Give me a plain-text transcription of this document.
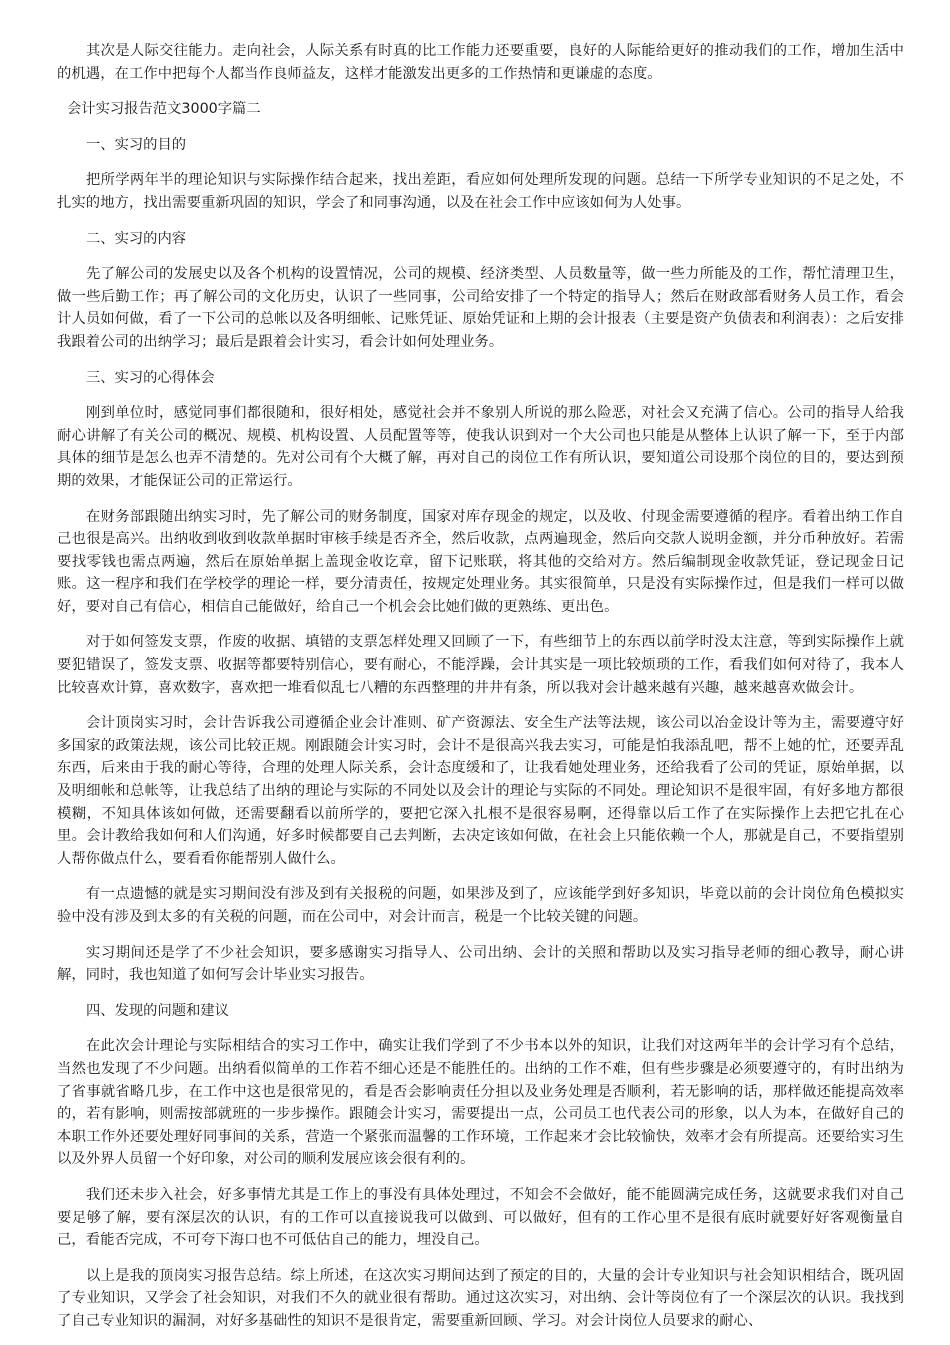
其次是人际交往能力。走向社会，人际关系有时真的比工作能力还要重要，良好的人际能给更好的推动我们的工作，增加生活中的机遇，在工作中把每个人都当作良师益友，这样才能激发出更多的工作热情和更谦虚的态度。

会计实习报告范文3000字篇二

一、实习的目的

把所学两年半的理论知识与实际操作结合起来，找出差距，看应如何处理所发现的问题。总结一下所学专业知识的不足之处，不扎实的地方，找出需要重新巩固的知识，学会了和同事沟通，以及在社会工作中应该如何为人处事。

二、实习的内容

先了解公司的发展史以及各个机构的设置情况，公司的规模、经济类型、人员数量等，做一些力所能及的工作，帮忙清理卫生，做一些后勤工作；再了解公司的文化历史，认识了一些同事，公司给安排了一个特定的指导人；然后在财政部看财务人员工作，看会计人员如何做，看了一下公司的总帐以及各明细帐、记账凭证、原始凭证和上期的会计报表（主要是资产负债表和利润表）：之后安排我跟着公司的出纳学习；最后是跟着会计实习，看会计如何处理业务。

三、实习的心得体会

刚到单位时，感觉同事们都很随和，很好相处，感觉社会并不象别人所说的那么险恶，对社会又充满了信心。公司的指导人给我耐心讲解了有关公司的概况、规模、机构设置、人员配置等等，使我认识到对一个大公司也只能是从整体上认识了解一下，至于内部具体的细节是怎么也弄不清楚的。先对公司有个大概了解，再对自己的岗位工作有所认识，要知道公司设那个岗位的目的，要达到预期的效果，才能保证公司的正常运行。

在财务部跟随出纳实习时，先了解公司的财务制度，国家对库存现金的规定，以及收、付现金需要遵循的程序。看着出纳工作自己也很是高兴。出纳收到收到收款单据时审核手续是否齐全，然后收款，点两遍现金，然后向交款人说明金额，并分币种放好。若需要找零钱也需点两遍，然后在原始单据上盖现金收讫章，留下记账联，将其他的交给对方。然后编制现金收款凭证，登记现金日记账。这一程序和我们在学校学的理论一样，要分清责任，按规定处理业务。其实很简单，只是没有实际操作过，但是我们一样可以做好，要对自己有信心，相信自己能做好，给自己一个机会会比她们做的更熟练、更出色。

对于如何签发支票，作废的收据、填错的支票怎样处理又回顾了一下，有些细节上的东西以前学时没太注意，等到实际操作上就要犯错误了，签发支票、收据等都要特别信心，要有耐心，不能浮躁，会计其实是一项比较烦琐的工作，看我们如何对待了，我本人比较喜欢计算，喜欢数字，喜欢把一堆看似乱七八糟的东西整理的井井有条，所以我对会计越来越有兴趣，越来越喜欢做会计。

会计顶岗实习时，会计告诉我公司遵循企业会计准则、矿产资源法、安全生产法等法规，该公司以冶金设计等为主，需要遵守好多国家的政策法规，该公司比较正规。刚跟随会计实习时，会计不是很高兴我去实习，可能是怕我添乱吧，帮不上她的忙，还要弄乱东西，后来由于我的耐心等待，合理的处理人际关系，会计态度缓和了，让我看她处理业务，还给我看了公司的凭证，原始单据，以及明细帐和总帐等，让我总结了出纳的理论与实际的不同处以及会计的理论与实际的不同处。理论知识不是很牢固，有好多地方都很模糊，不知具体该如何做，还需要翻看以前所学的，要把它深入扎根不是很容易啊，还得靠以后工作了在实际操作上去把它扎在心里。会计教给我如何和人们沟通，好多时候都要自己去判断，去决定该如何做，在社会上只能依赖一个人，那就是自己，不要指望别人帮你做点什么，要看看你能帮别人做什么。

有一点遗憾的就是实习期间没有涉及到有关报税的问题，如果涉及到了，应该能学到好多知识，毕竟以前的会计岗位角色模拟实验中没有涉及到太多的有关税的问题，而在公司中，对会计而言，税是一个比较关键的问题。

实习期间还是学了不少社会知识，要多感谢实习指导人、公司出纳、会计的关照和帮助以及实习指导老师的细心教导，耐心讲解，同时，我也知道了如何写会计毕业实习报告。

四、发现的问题和建议

在此次会计理论与实际相结合的实习工作中，确实让我们学到了不少书本以外的知识，让我们对这两年半的会计学习有个总结，当然也发现了不少问题。出纳看似简单的工作若不细心还是不能胜任的。出纳的工作不难，但有些步骤是必须要遵守的，有时出纳为了省事就省略几步，在工作中这也是很常见的，看是否会影响责任分担以及业务处理是否顺利，若无影响的话，那样做还能提高效率的，若有影响，则需按部就班的一步步操作。跟随会计实习，需要提出一点，公司员工也代表公司的形象，以人为本，在做好自己的本职工作外还要处理好同事间的关系，营造一个紧张而温馨的工作环境，工作起来才会比较愉快，效率才会有所提高。还要给实习生以及外界人员留一个好印象，对公司的顺利发展应该会很有利的。

我们还未步入社会，好多事情尤其是工作上的事没有具体处理过，不知会不会做好，能不能圆满完成任务，这就要求我们对自己要足够了解，要有深层次的认识，有的工作可以直接说我可以做到、可以做好，但有的工作心里不是很有底时就要好好客观衡量自己，看能否完成，不可夸下海口也不可低估自己的能力，埋没自己。

以上是我的顶岗实习报告总结。综上所述，在这次实习期间达到了预定的目的，大量的会计专业知识与社会知识相结合，既巩固了专业知识，又学会了社会知识，对我们不久的就业很有帮助。通过这次实习，对出纳、会计等岗位有了一个深层次的认识。我找到了自己专业知识的漏洞，对好多基础性的知识不是很肯定，需要重新回顾、学习。对会计岗位人员要求的耐心、
